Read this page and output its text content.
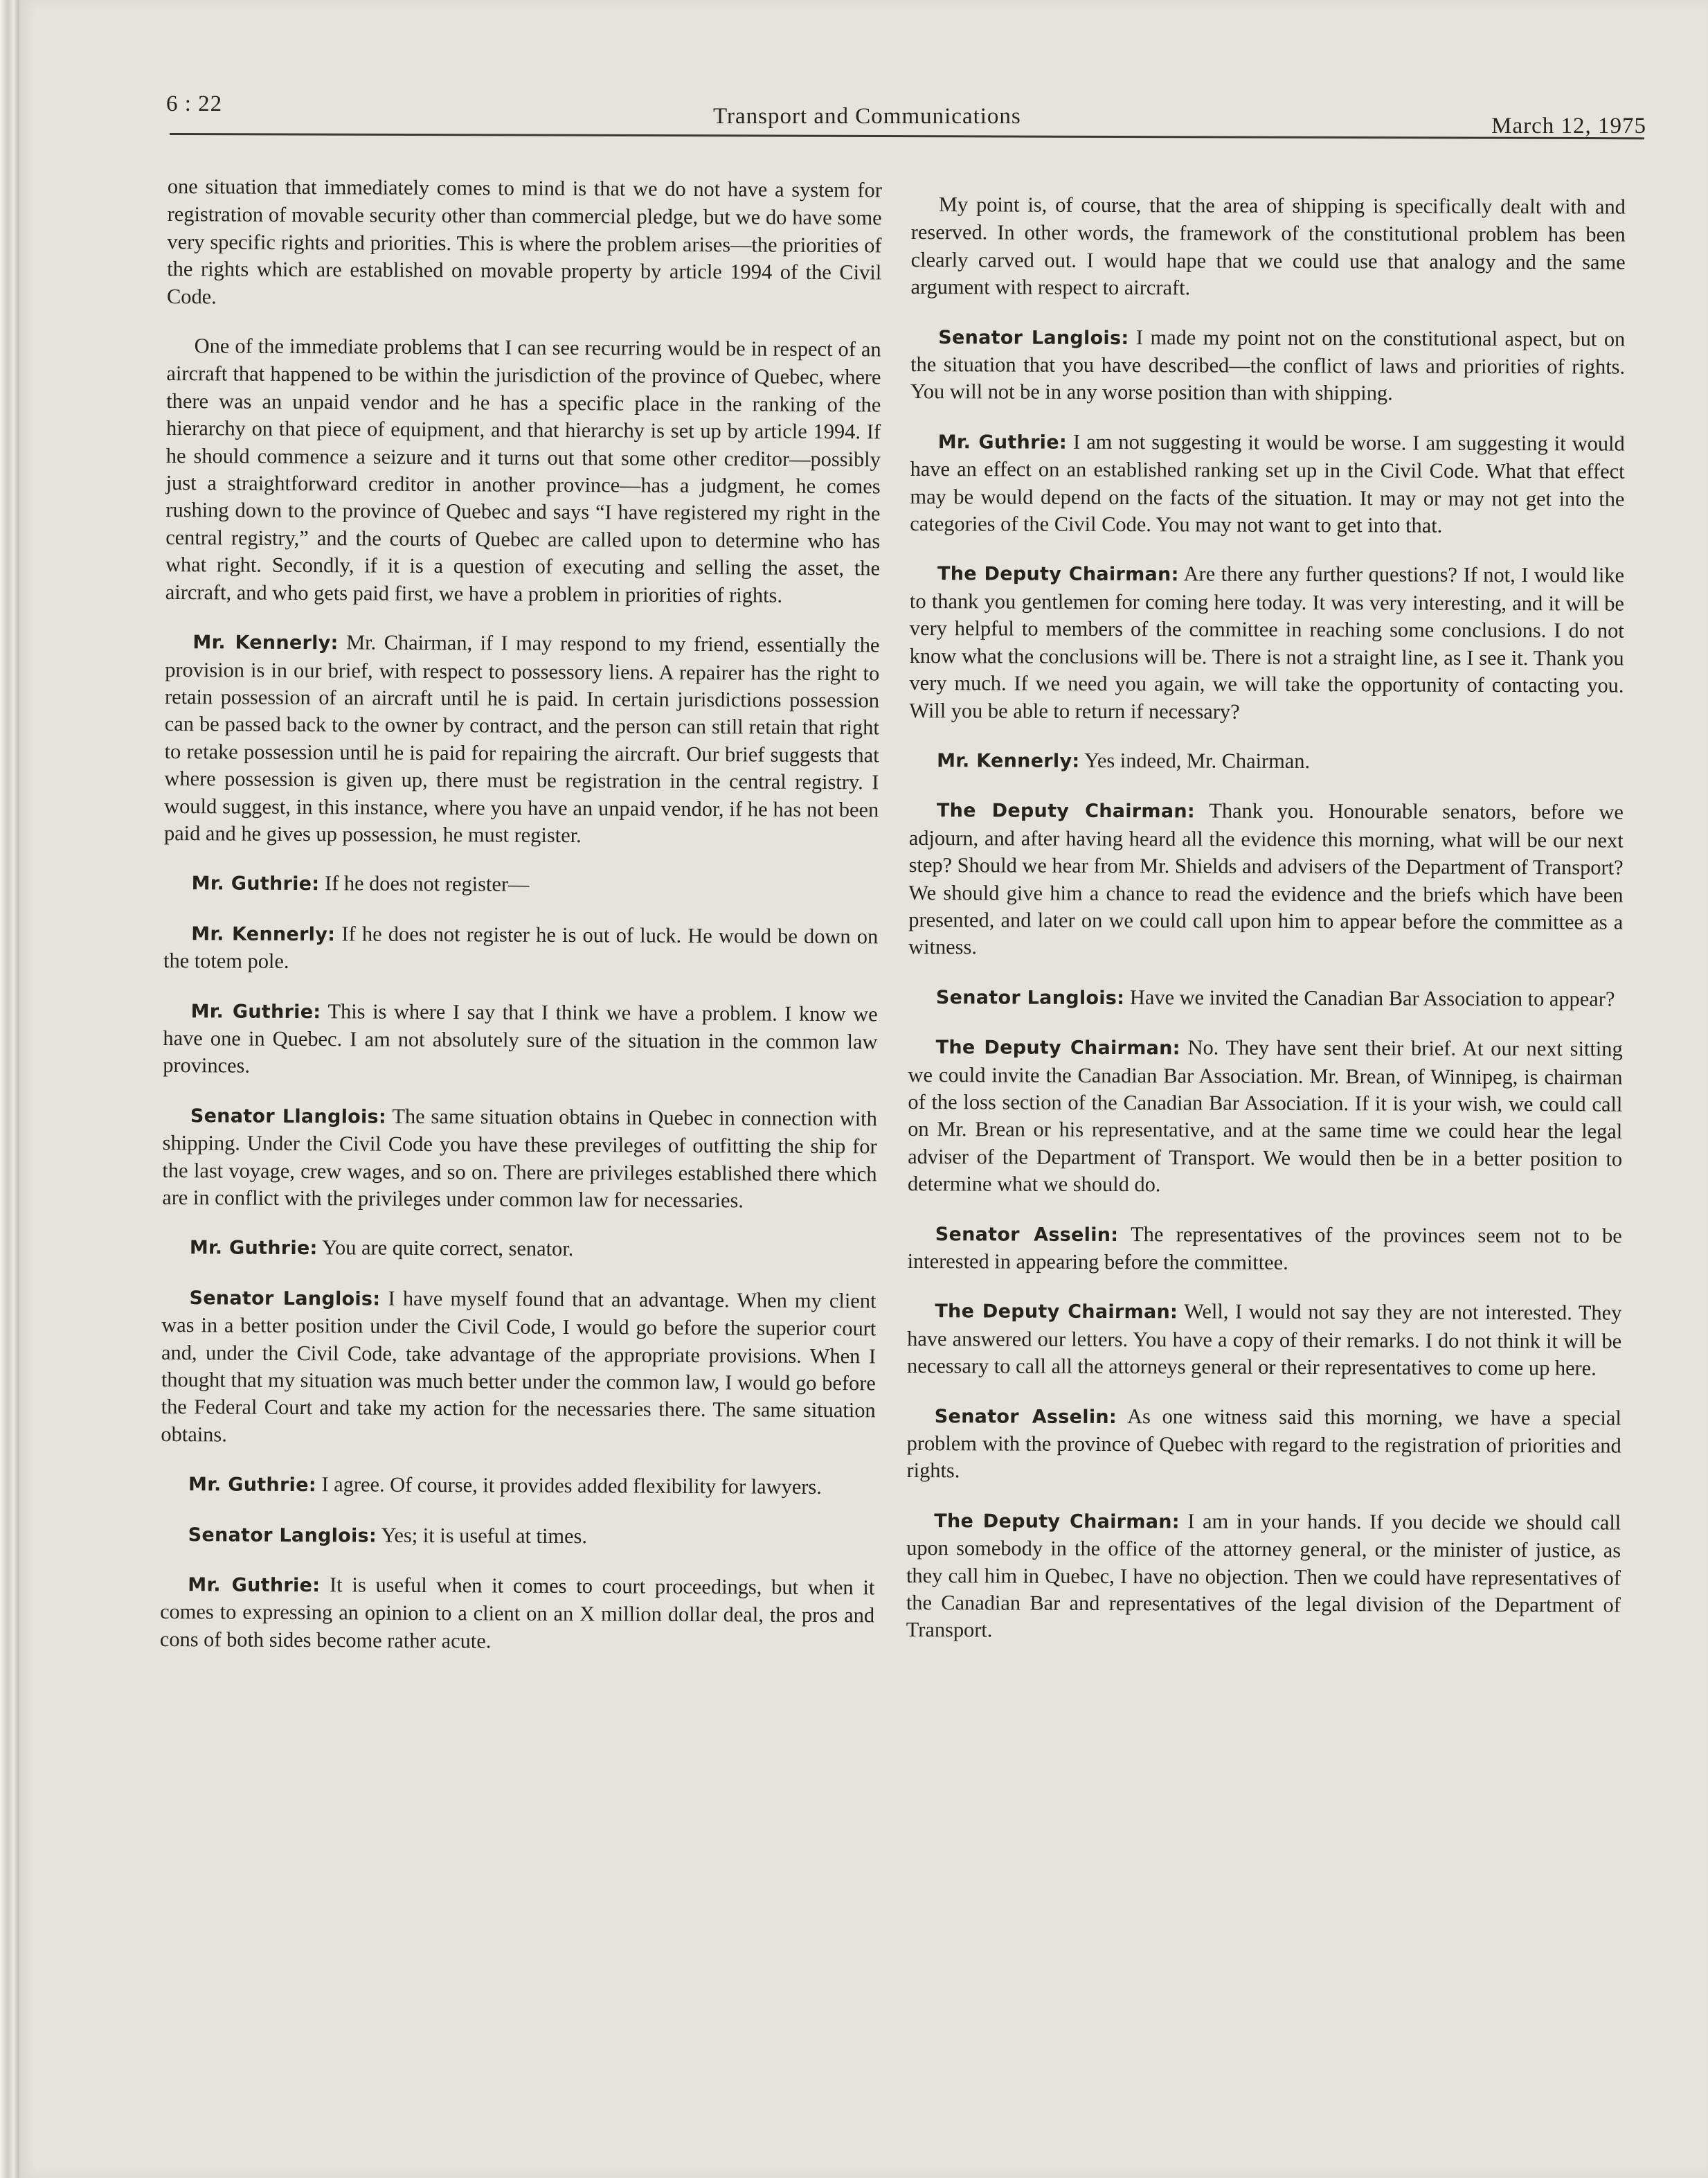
6 : 22	Transport and Communications	March 12, 1975

one situation that immediately comes to mind is that we do not have a system for registration of movable security other than commercial pledge, but we do have some very specific rights and priorities. This is where the problem arises—the priorities of the rights which are established on movable property by article 1994 of the Civil Code.

One of the immediate problems that I can see recurring would be in respect of an aircraft that happened to be within the jurisdiction of the province of Quebec, where there was an unpaid vendor and he has a specific place in the ranking of the hierarchy on that piece of equipment, and that hierarchy is set up by article 1994. If he should commence a seizure and it turns out that some other creditor—possibly just a straightforward creditor in another province—has a judgment, he comes rushing down to the province of Quebec and says “I have registered my right in the central registry,” and the courts of Quebec are called upon to determine who has what right. Secondly, if it is a question of executing and selling the asset, the aircraft, and who gets paid first, we have a problem in priorities of rights.

Mr. Kennerly: Mr. Chairman, if I may respond to my friend, essentially the provision is in our brief, with respect to possessory liens. A repairer has the right to retain possession of an aircraft until he is paid. In certain jurisdictions possession can be passed back to the owner by contract, and the person can still retain that right to retake possession until he is paid for repairing the aircraft. Our brief suggests that where possession is given up, there must be registration in the central registry. I would suggest, in this instance, where you have an unpaid vendor, if he has not been paid and he gives up possession, he must register.

Mr. Guthrie: If he does not register—

Mr. Kennerly: If he does not register he is out of luck. He would be down on the totem pole.

Mr. Guthrie: This is where I say that I think we have a problem. I know we have one in Quebec. I am not absolutely sure of the situation in the common law provinces.

Senator Llanglois: The same situation obtains in Quebec in connection with shipping. Under the Civil Code you have these previleges of outfitting the ship for the last voyage, crew wages, and so on. There are privileges established there which are in conflict with the privileges under common law for necessaries.

Mr. Guthrie: You are quite correct, senator.

Senator Langlois: I have myself found that an advantage. When my client was in a better position under the Civil Code, I would go before the superior court and, under the Civil Code, take advantage of the appropriate provisions. When I thought that my situation was much better under the common law, I would go before the Federal Court and take my action for the necessaries there. The same situation obtains.

Mr. Guthrie: I agree. Of course, it provides added flexibility for lawyers.

Senator Langlois: Yes; it is useful at times.

Mr. Guthrie: It is useful when it comes to court proceedings, but when it comes to expressing an opinion to a client on an X million dollar deal, the pros and cons of both sides become rather acute.

My point is, of course, that the area of shipping is specifically dealt with and reserved. In other words, the framework of the constitutional problem has been clearly carved out. I would hape that we could use that analogy and the same argument with respect to aircraft.

Senator Langlois: I made my point not on the constitutional aspect, but on the situation that you have described—the conflict of laws and priorities of rights. You will not be in any worse position than with shipping.

Mr. Guthrie: I am not suggesting it would be worse. I am suggesting it would have an effect on an established ranking set up in the Civil Code. What that effect may be would depend on the facts of the situation. It may or may not get into the categories of the Civil Code. You may not want to get into that.

The Deputy Chairman: Are there any further questions? If not, I would like to thank you gentlemen for coming here today. It was very interesting, and it will be very helpful to members of the committee in reaching some conclusions. I do not know what the conclusions will be. There is not a straight line, as I see it. Thank you very much. If we need you again, we will take the opportunity of contacting you. Will you be able to return if necessary?

Mr. Kennerly: Yes indeed, Mr. Chairman.

The Deputy Chairman: Thank you. Honourable senators, before we adjourn, and after having heard all the evidence this morning, what will be our next step? Should we hear from Mr. Shields and advisers of the Department of Transport? We should give him a chance to read the evidence and the briefs which have been presented, and later on we could call upon him to appear before the committee as a witness.

Senator Langlois: Have we invited the Canadian Bar Association to appear?

The Deputy Chairman: No. They have sent their brief. At our next sitting we could invite the Canadian Bar Association. Mr. Brean, of Winnipeg, is chairman of the loss section of the Canadian Bar Association. If it is your wish, we could call on Mr. Brean or his representative, and at the same time we could hear the legal adviser of the Department of Transport. We would then be in a better position to determine what we should do.

Senator Asselin: The representatives of the provinces seem not to be interested in appearing before the committee.

The Deputy Chairman: Well, I would not say they are not interested. They have answered our letters. You have a copy of their remarks. I do not think it will be necessary to call all the attorneys general or their representatives to come up here.

Senator Asselin: As one witness said this morning, we have a special problem with the province of Quebec with regard to the registration of priorities and rights.

The Deputy Chairman: I am in your hands. If you decide we should call upon somebody in the office of the attorney general, or the minister of justice, as they call him in Quebec, I have no objection. Then we could have representatives of the Canadian Bar and representatives of the legal division of the Department of Transport.
